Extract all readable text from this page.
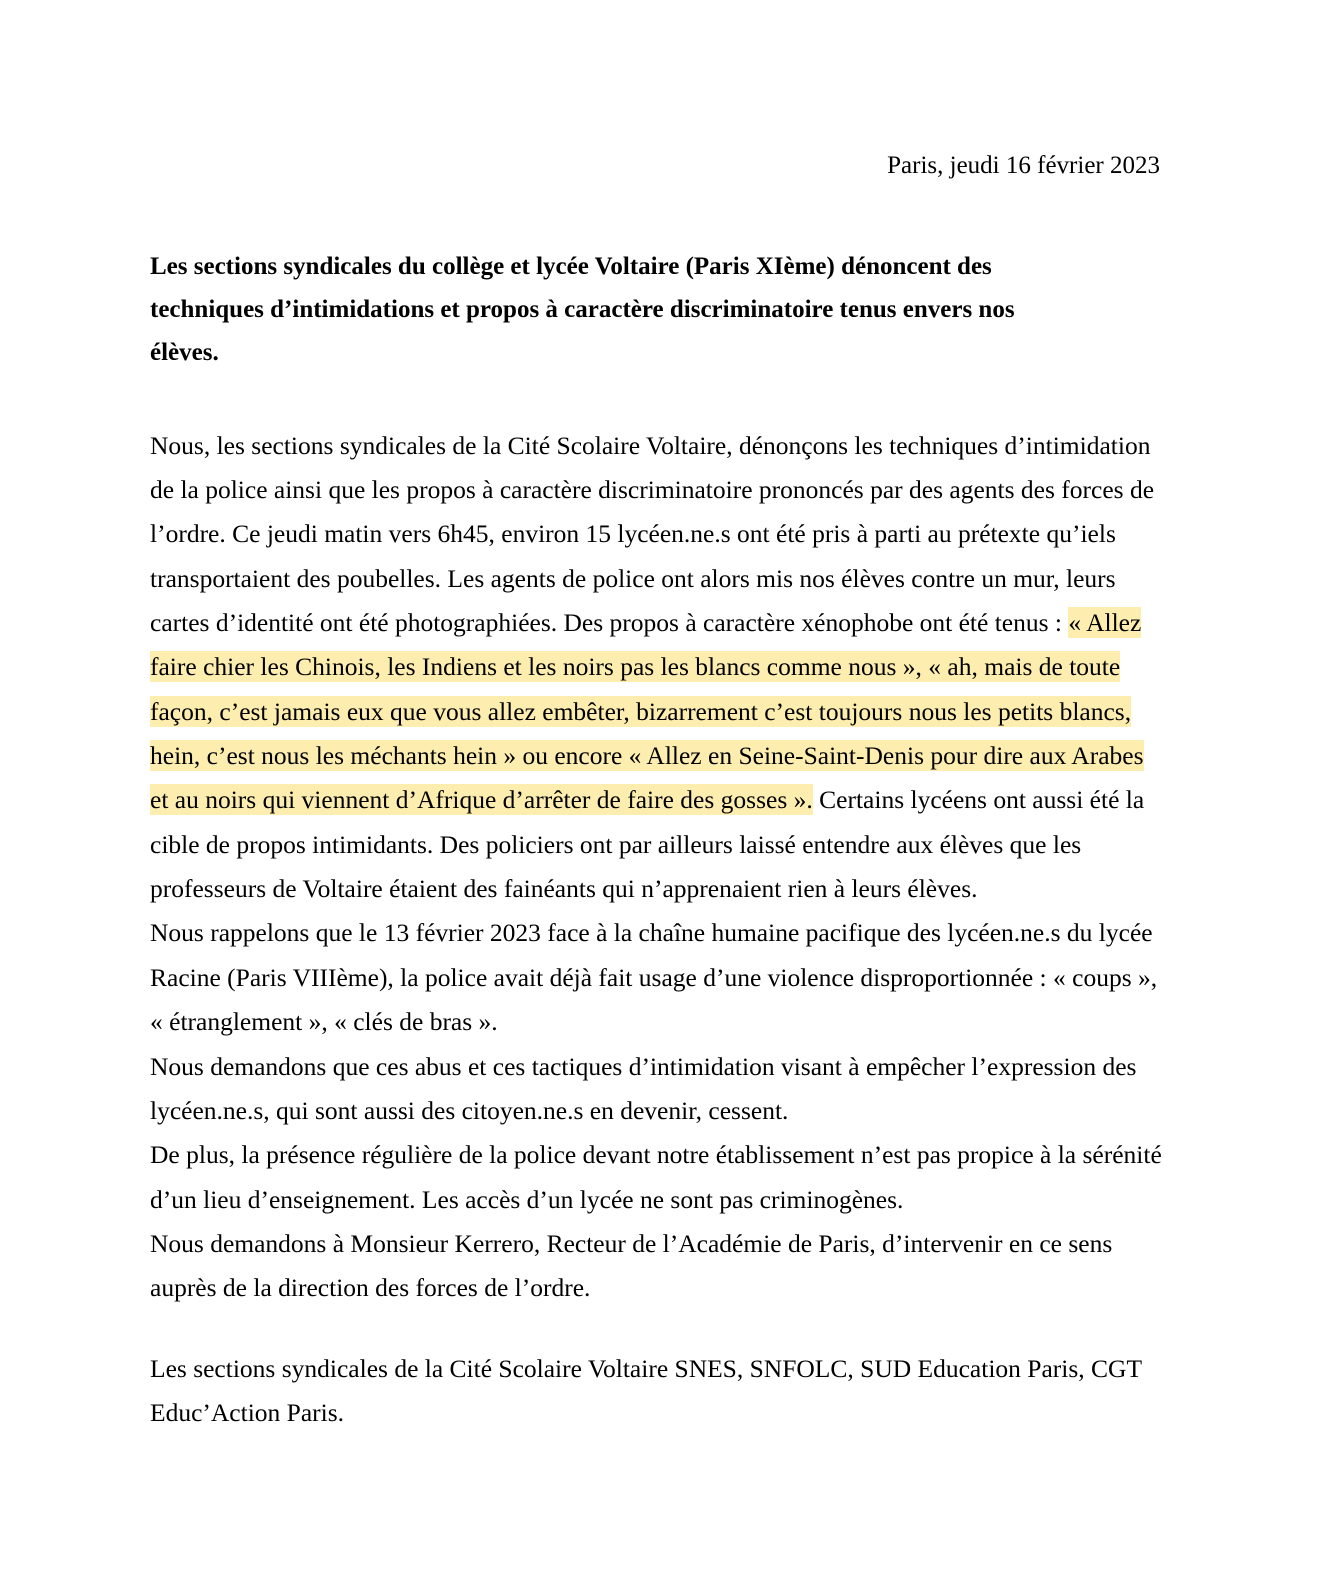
Paris, jeudi 16 février 2023
Les sections syndicales du collège et lycée Voltaire (Paris XIème) dénoncent des techniques d’intimidations et propos à caractère discriminatoire tenus envers nos élèves.

Nous, les sections syndicales de la Cité Scolaire Voltaire, dénonçons les techniques d’intimidation de la police ainsi que les propos à caractère discriminatoire prononcés par des agents des forces de l’ordre. Ce jeudi matin vers 6h45, environ 15 lycéen.ne.s ont été pris à parti au prétexte qu’iels transportaient des poubelles. Les agents de police ont alors mis nos élèves contre un mur, leurs cartes d’identité ont été photographiées. Des propos à caractère xénophobe ont été tenus : « Allez faire chier les Chinois, les Indiens et les noirs pas les blancs comme nous », « ah, mais de toute façon, c’est jamais eux que vous allez embêter, bizarrement c’est toujours nous les petits blancs, hein, c’est nous les méchants hein » ou encore « Allez en Seine-Saint-Denis pour dire aux Arabes et au noirs qui viennent d’Afrique d’arrêter de faire des gosses ». Certains lycéens ont aussi été la cible de propos intimidants. Des policiers ont par ailleurs laissé entendre aux élèves que les professeurs de Voltaire étaient des fainéants qui n’apprenaient rien à leurs élèves.

Nous rappelons que le 13 février 2023 face à la chaîne humaine pacifique des lycéen.ne.s du lycée Racine (Paris VIIIème), la police avait déjà fait usage d’une violence disproportionnée : « coups », « étranglement », « clés de bras ».

Nous demandons que ces abus et ces tactiques d’intimidation visant à empêcher l’expression des lycéen.ne.s, qui sont aussi des citoyen.ne.s en devenir, cessent.

De plus, la présence régulière de la police devant notre établissement n’est pas propice à la sérénité d’un lieu d’enseignement. Les accès d’un lycée ne sont pas criminogènes.

Nous demandons à Monsieur Kerrero, Recteur de l’Académie de Paris, d’intervenir en ce sens auprès de la direction des forces de l’ordre.

Les sections syndicales de la Cité Scolaire Voltaire SNES, SNFOLC, SUD Education Paris, CGT Educ’Action Paris.
